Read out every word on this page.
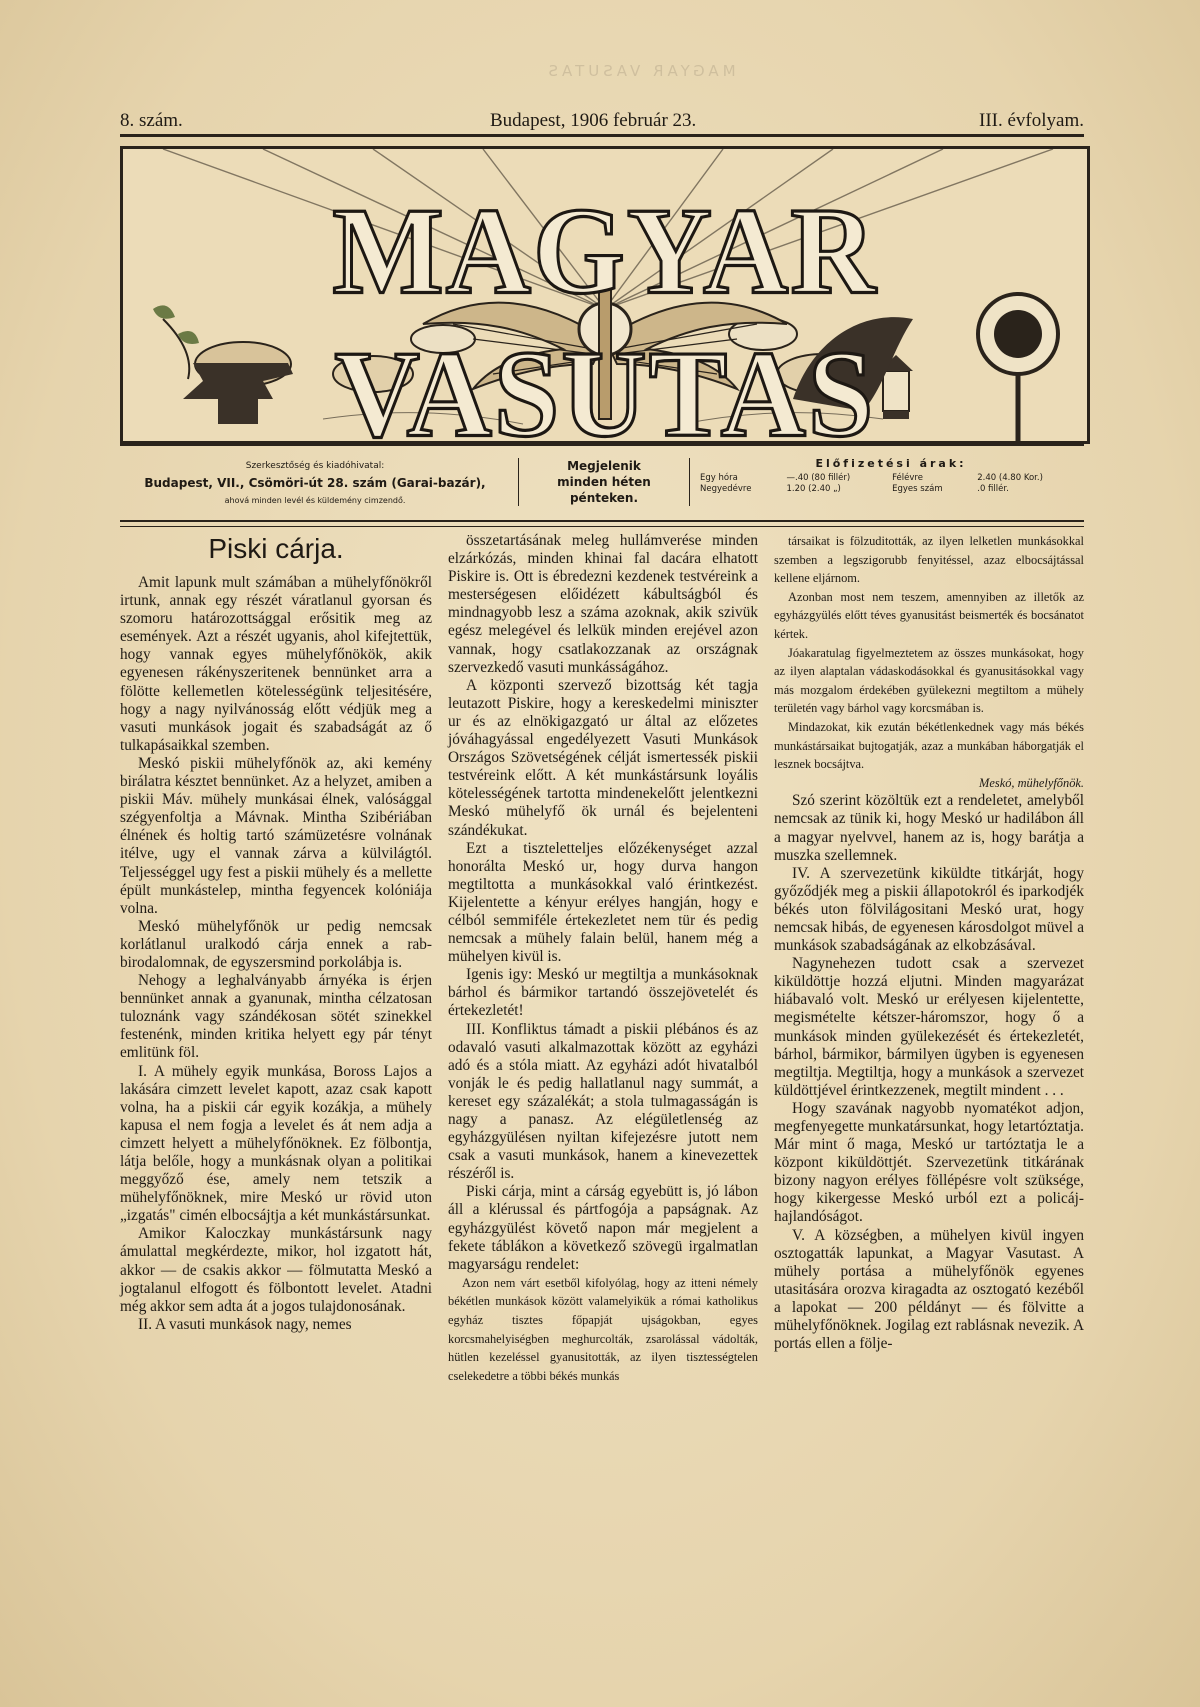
MAGYAR VASUTAS
8. szám.	Budapest, 1906 február 23.	III. évfolyam.
MAGYAR VASUTAS
Szerkesztőség és kiadóhivatal:
Budapest, VII., Csömöri-út 28. szám (Garai-bazár),
ahová minden levél és küldemény cimzendő.
Megjelenik
minden héten
pénteken.
Előfizetési árak:
Egy hóra	—.40 (80 fillér)	Félévre	2.40 (4.80 Kor.)
Negyedévre	1.20 (2.40 „)	Egyes szám	.0 fillér.
Piski cárja.

Amit lapunk mult számában a mühelyfőnökről irtunk, annak egy részét váratlanul gyorsan és szomoru határozottsággal erősitik meg az események. Azt a részét ugyanis, ahol kifejtettük, hogy vannak egyes mühelyfőnökök, akik egyenesen rákényszeritenek bennünket arra a fölötte kellemetlen kötelességünk teljesitésére, hogy a nagy nyilvánosság előtt védjük meg a vasuti munkások jogait és szabadságát az ő tulkapásaikkal szemben.

Meskó piskii mühelyfőnök az, aki kemény birálatra késztet bennünket. Az a helyzet, amiben a piskii Máv. mühely munkásai élnek, valósággal szégyenfoltja a Mávnak. Mintha Szibériában élnének és holtig tartó számüzetésre volnának itélve, ugy el vannak zárva a külvilágtól. Teljességgel ugy fest a piskii mühely és a mellette épült munkástelep, mintha fegyencek kolóniája volna.

Meskó mühelyfőnök ur pedig nemcsak korlátlanul uralkodó cárja ennek a rab-birodalomnak, de egyszersmind porkolábja is.

Nehogy a leghalványabb árnyéka is érjen bennünket annak a gyanunak, mintha célzatosan tuloznánk vagy szándékosan sötét szinekkel festenénk, minden kritika helyett egy pár tényt emlitünk föl.

I. A mühely egyik munkása, Boross Lajos a lakására cimzett levelet kapott, azaz csak kapott volna, ha a piskii cár egyik kozákja, a mühely kapusa el nem fogja a levelet és át nem adja a cimzett helyett a mühelyfőnöknek. Ez fölbontja, látja belőle, hogy a munkásnak olyan a politikai meggyőző ése, amely nem tetszik a mühelyfőnöknek, mire Meskó ur rövid uton „izgatás" cimén elbocsájtja a két munkástársunkat.

Amikor Kaloczkay munkástársunk nagy ámulattal megkérdezte, mikor, hol izgatott hát, akkor — de csakis akkor — fölmutatta Meskó a jogtalanul elfogott és fölbontott levelet. Atadni még akkor sem adta át a jogos tulajdonosának.

II. A vasuti munkások nagy, nemes

összetartásának meleg hullámverése minden elzárkózás, minden khinai fal dacára elhatott Piskire is. Ott is ébredezni kezdenek testvéreink a mesterségesen előidézett kábultságból és mindnagyobb lesz a száma azoknak, akik szivük egész melegével és lelkük minden erejével azon vannak, hogy csatlakozzanak az országnak szervezkedő vasuti munkásságához.

A központi szervező bizottság két tagja leutazott Piskire, hogy a kereskedelmi miniszter ur és az elnökigazgató ur által az előzetes jóváhagyással engedélyezett Vasuti Munkások Országos Szövetségének célját ismertessék piskii testvéreink előtt. A két munkástársunk loyális kötelességének tartotta mindenekelőtt jelentkezni Meskó mühelyfő ök urnál és bejelenteni szándékukat.

Ezt a tiszteletteljes előzékenységet azzal honorálta Meskó ur, hogy durva hangon megtiltotta a munkásokkal való érintkezést. Kijelentette a kényur erélyes hangján, hogy e célból semmiféle értekezletet nem tür és pedig nemcsak a mühely falain belül, hanem még a mühelyen kivül is.

Igenis igy: Meskó ur megtiltja a munkásoknak bárhol és bármikor tartandó összejövetelét és értekezletét!

III. Konfliktus támadt a piskii plébános és az odavaló vasuti alkalmazottak között az egyházi adó és a stóla miatt. Az egyházi adót hivatalból vonják le és pedig hallatlanul nagy summát, a kereset egy százalékát; a stola tulmagasságán is nagy a panasz. Az elégületlenség az egyházgyülésen nyiltan kifejezésre jutott nem csak a vasuti munkások, hanem a kinevezettek részéről is.

Piski cárja, mint a cárság egyebütt is, jó lábon áll a klérussal és pártfogója a papságnak. Az egyházgyülést követő napon már megjelent a fekete táblákon a következő szövegü irgalmatlan magyarságu rendelet:

Azon nem várt esetből kifolyólag, hogy az itteni némely békétlen munkások között valamelyikük a római katholikus egyház tisztes főpapját ujságokban, egyes korcsmahelyiségben meghurcolták, zsarolással vádolták, hütlen kezeléssel gyanusitották, az ilyen tisztességtelen cselekedetre a többi békés munkás

társaikat is fölzuditották, az ilyen lelketlen munkásokkal szemben a legszigorubb fenyitéssel, azaz elbocsájtással kellene eljárnom.

Azonban most nem teszem, amennyiben az illetők az egyházgyülés előtt téves gyanusitást beismerték és bocsánatot kértek.

Jóakaratulag figyelmeztetem az összes munkásokat, hogy az ilyen alaptalan vádaskodásokkal és gyanusitásokkal vagy más mozgalom érdekében gyülekezni megtiltom a mühely területén vagy bárhol vagy korcsmában is.

Mindazokat, kik ezután békétlenkednek vagy más békés munkástársaikat bujtogatják, azaz a munkában háborgatják el lesznek bocsájtva.

Meskó, mühelyfőnök.

Szó szerint közöltük ezt a rendeletet, amelyből nemcsak az tünik ki, hogy Meskó ur hadilábon áll a magyar nyelvvel, hanem az is, hogy barátja a muszka szellemnek.

IV. A szervezetünk kiküldte titkárját, hogy győződjék meg a piskii állapotokról és iparkodjék békés uton fölvilágositani Meskó urat, hogy nemcsak hibás, de egyenesen károsdolgot müvel a munkások szabadságának az elkobzásával.

Nagynehezen tudott csak a szervezet kiküldöttje hozzá eljutni. Minden magyarázat hiábavaló volt. Meskó ur erélyesen kijelentette, megismételte kétszer-háromszor, hogy ő a munkások minden gyülekezését és értekezletét, bárhol, bármikor, bármilyen ügyben is egyenesen megtiltja. Megtiltja, hogy a munkások a szervezet küldöttjével érintkezzenek, megtilt mindent . . .

Hogy szavának nagyobb nyomatékot adjon, megfenyegette munkatársunkat, hogy letartóztatja. Már mint ő maga, Meskó ur tartóztatja le a központ kiküldöttjét. Szervezetünk titkárának bizony nagyon erélyes föllépésre volt szüksége, hogy kikergesse Meskó urból ezt a policáj-hajlandóságot.

V. A községben, a mühelyen kivül ingyen osztogatták lapunkat, a Magyar Vasutast. A mühely portása a mühelyfőnök egyenes utasitására orozva kiragadta az osztogató kezéből a lapokat — 200 példányt — és fölvitte a mühelyfőnöknek. Jogilag ezt rablásnak nevezik. A portás ellen a följe-
